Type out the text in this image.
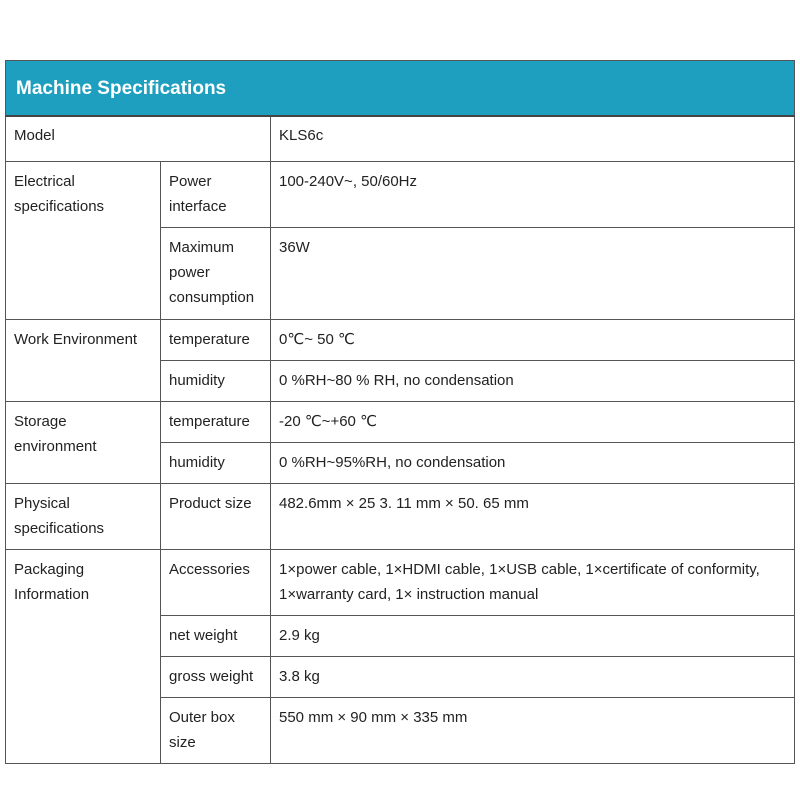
Machine Specifications		
Model		KLS6c
Electrical specifications	Power interface	100-240V~, 50/60Hz
	Maximum power consumption	36W
Work Environment	temperature	0℃~ 50 ℃
	humidity	0 %RH~80 % RH, no condensation
Storage environment	temperature	-20 ℃~+60 ℃
	humidity	0 %RH~95%RH, no condensation
Physical specifications	Product size	482.6mm × 25 3. 11 mm × 50. 65 mm
Packaging Information	Accessories	1×power cable, 1×HDMI cable, 1×USB cable, 1×certificate of conformity, 1×warranty card, 1× instruction manual
	net weight	2.9 kg
	gross weight	3.8 kg
	Outer box size	550 mm × 90 mm × 335 mm
